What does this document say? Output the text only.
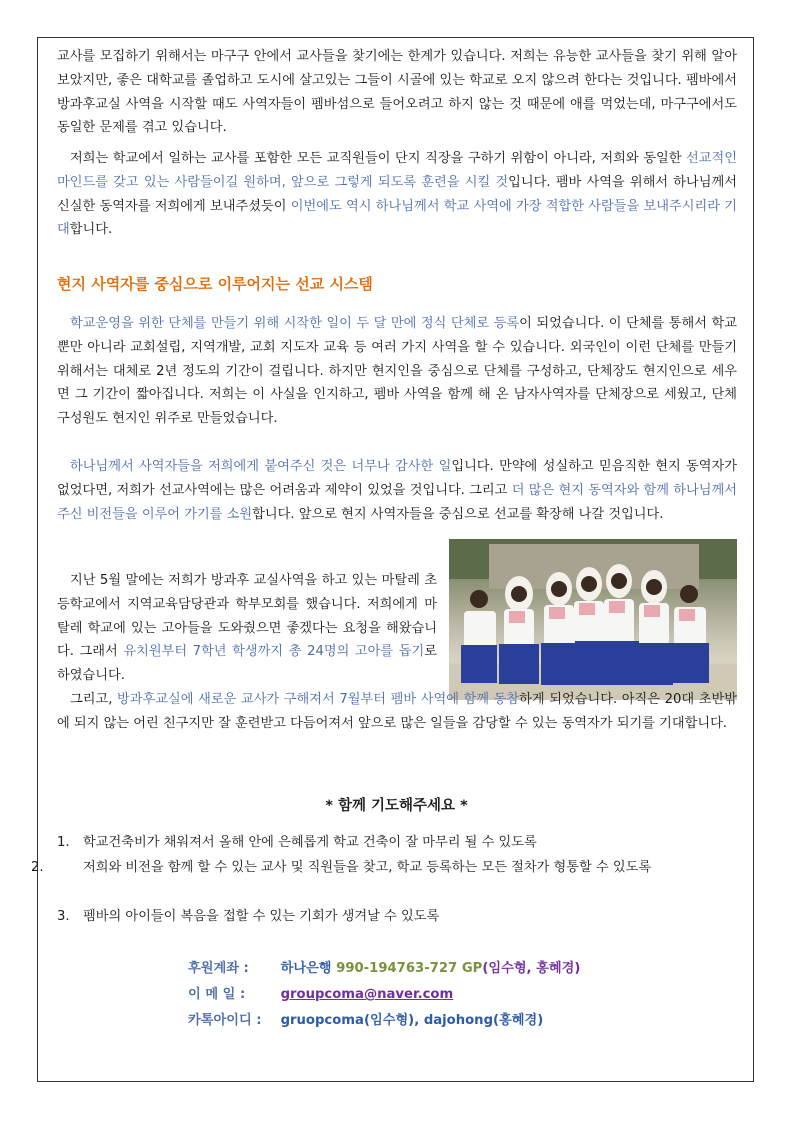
교사를 모집하기 위해서는 마구구 안에서 교사들을 찾기에는 한계가 있습니다. 저희는 유능한 교사들을 찾기 위해 알아보았지만, 좋은 대학교를 졸업하고 도시에 살고있는 그들이 시골에 있는 학교로 오지 않으려 한다는 것입니다. 펨바에서 방과후교실 사역을 시작할 때도 사역자들이 펨바섬으로 들어오려고 하지 않는 것 때문에 애를 먹었는데, 마구구에서도 동일한 문제를 겪고 있습니다.
저희는 학교에서 일하는 교사를 포함한 모든 교직원들이 단지 직장을 구하기 위함이 아니라, 저희와 동일한 선교적인 마인드를 갖고 있는 사람들이길 원하며, 앞으로 그렇게 되도록 훈련을 시킬 것입니다. 펨바 사역을 위해서 하나님께서 신실한 동역자를 저희에게 보내주셨듯이 이번에도 역시 하나님께서 학교 사역에 가장 적합한 사람들을 보내주시리라 기대합니다.
현지 사역자를 중심으로 이루어지는 선교 시스템
학교운영을 위한 단체를 만들기 위해 시작한 일이 두 달 만에 정식 단체로 등록이 되었습니다. 이 단체를 통해서 학교뿐만 아니라 교회설립, 지역개발, 교회 지도자 교육 등 여러 가지 사역을 할 수 있습니다. 외국인이 이런 단체를 만들기 위해서는 대체로 2년 정도의 기간이 걸립니다. 하지만 현지인을 중심으로 단체를 구성하고, 단체장도 현지인으로 세우면 그 기간이 짧아집니다. 저희는 이 사실을 인지하고, 펨바 사역을 함께 해 온 남자사역자를 단체장으로 세웠고, 단체 구성원도 현지인 위주로 만들었습니다.
하나님께서 사역자들을 저희에게 붙여주신 것은 너무나 감사한 일입니다. 만약에 성실하고 믿음직한 현지 동역자가 없었다면, 저희가 선교사역에는 많은 어려움과 제약이 있었을 것입니다. 그리고 더 많은 현지 동역자와 함께 하나님께서 주신 비전들을 이루어 가기를 소원합니다. 앞으로 현지 사역자들을 중심으로 선교를 확장해 나갈 것입니다.
지난 5월 말에는 저희가 방과후 교실사역을 하고 있는 마탈레 초등학교에서 지역교육담당관과 학부모회를 했습니다. 저희에게 마탈레 학교에 있는 고아들을 도와줬으면 좋겠다는 요청을 해왔습니다. 그래서 유치원부터 7학년 학생까지 총 24명의 고아를 돕기로 하였습니다.
그리고, 방과후교실에 새로운 교사가 구해져서 7월부터 펨바 사역에 함께 동참하게 되었습니다. 아직은 20대 초반밖에 되지 않는 어린 친구지만 잘 훈련받고 다듬어져서 앞으로 많은 일들을 감당할 수 있는 동역자가 되기를 기대합니다.
* 함께 기도해주세요 *
1. 학교건축비가 채워져서 올해 안에 은혜롭게 학교 건축이 잘 마무리 될 수 있도록
2.	저희와 비전을 함께 할 수 있는 교사 및 직원들을 찾고, 학교 등록하는 모든 절차가 형통할 수 있도록
3. 펨바의 아이들이 복음을 접할 수 있는 기회가 생겨날 수 있도록
후원계좌 : 하나은행 990-194763-727 GP(임수형, 홍혜경)
이 메 일 :	groupcoma@naver.com
카톡아이디 : gruopcoma(임수형), dajohong(홍혜경)
